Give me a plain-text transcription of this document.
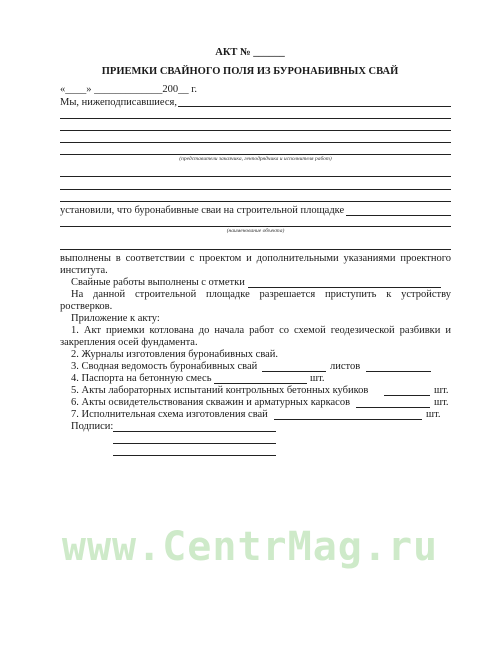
АКТ № ______
ПРИЕМКИ СВАЙНОГО ПОЛЯ ИЗ БУРОНАБИВНЫХ СВАЙ
«____» _____________200__ г.
Мы, нижеподписавшиеся,
(представители заказчика, генподрядчика и исполнителя работ)
установили, что буронабивные сваи на строительной площадке
(наименование объекта)
выполнены в соответствии с проектом и дополнительными указаниями проектного
института.
Свайные работы выполнены с отметки
На данной строительной площадке разрешается приступить к устройству
ростверков.
Приложение к акту:
1. Акт приемки котлована до начала работ со схемой геодезической разбивки и
закрепления осей фундамента.
2. Журналы изготовления буронабивных свай.
3. Сводная ведомость буронабивных свай	листов
4. Паспорта на бетонную смесь	шт.
5. Акты лабораторных испытаний контрольных бетонных кубиков	шт.
6. Акты освидетельствования скважин и арматурных каркасов	шт.
7. Исполнительная схема изготовления свай	шт.
Подписи:
www.CentrMag.ru
